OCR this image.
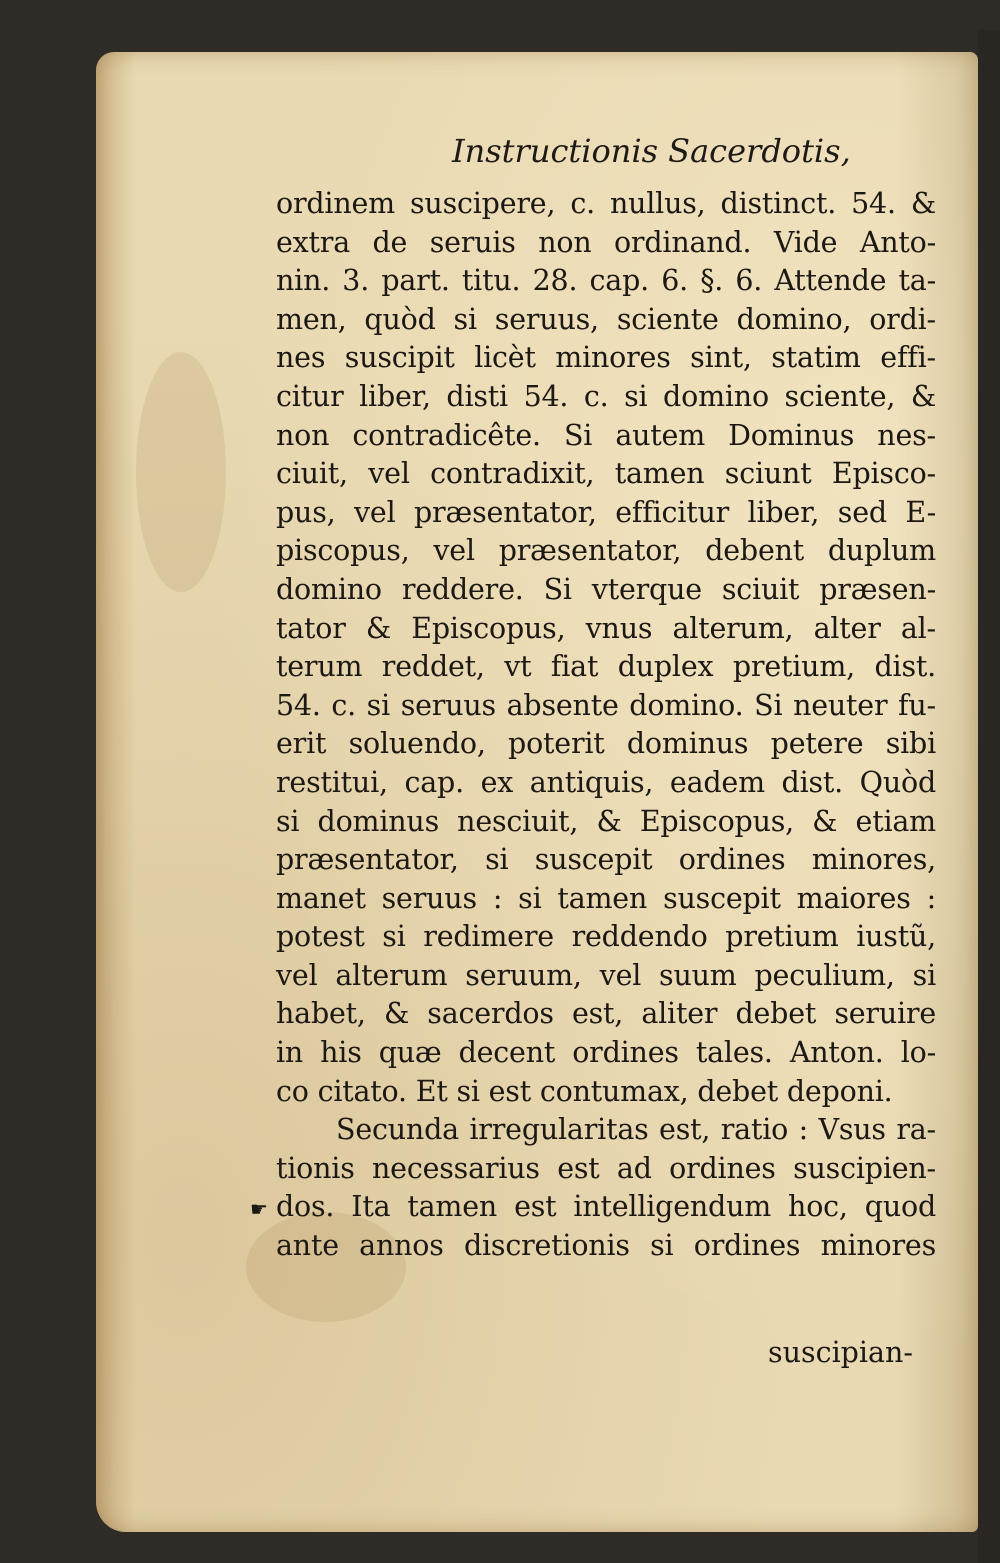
Instructionis Sacerdotis,
☛
ordinem suscipere, c. nullus, distinct. 54. &
extra de seruis non ordinand. Vide Anto-
nin. 3. part. titu. 28. cap. 6. §. 6. Attende ta-
men, quòd si seruus, sciente domino, ordi-
nes suscipit licèt minores sint, statim effi-
citur liber, disti 54. c. si domino sciente, &
non contradicête. Si autem Dominus nes-
ciuit, vel contradixit, tamen sciunt Episco-
pus, vel præsentator, efficitur liber, sed E-
piscopus, vel præsentator, debent duplum
domino reddere. Si vterque sciuit præsen-
tator & Episcopus, vnus alterum, alter al-
terum reddet, vt fiat duplex pretium, dist.
54. c. si seruus absente domino. Si neuter fu-
erit soluendo, poterit dominus petere sibi
restitui, cap. ex antiquis, eadem dist. Quòd
si dominus nesciuit, & Episcopus, & etiam
præsentator, si suscepit ordines minores,
manet seruus : si tamen suscepit maiores :
potest si redimere reddendo pretium iustũ,
vel alterum seruum, vel suum peculium, si
habet, & sacerdos est, aliter debet seruire
in his quæ decent ordines tales. Anton. lo-
co citato. Et si est contumax, debet deponi.
Secunda irregularitas est, ratio : Vsus ra-
tionis necessarius est ad ordines suscipien-
dos. Ita tamen est intelligendum hoc, quod
ante annos discretionis si ordines minores
suscipian-
